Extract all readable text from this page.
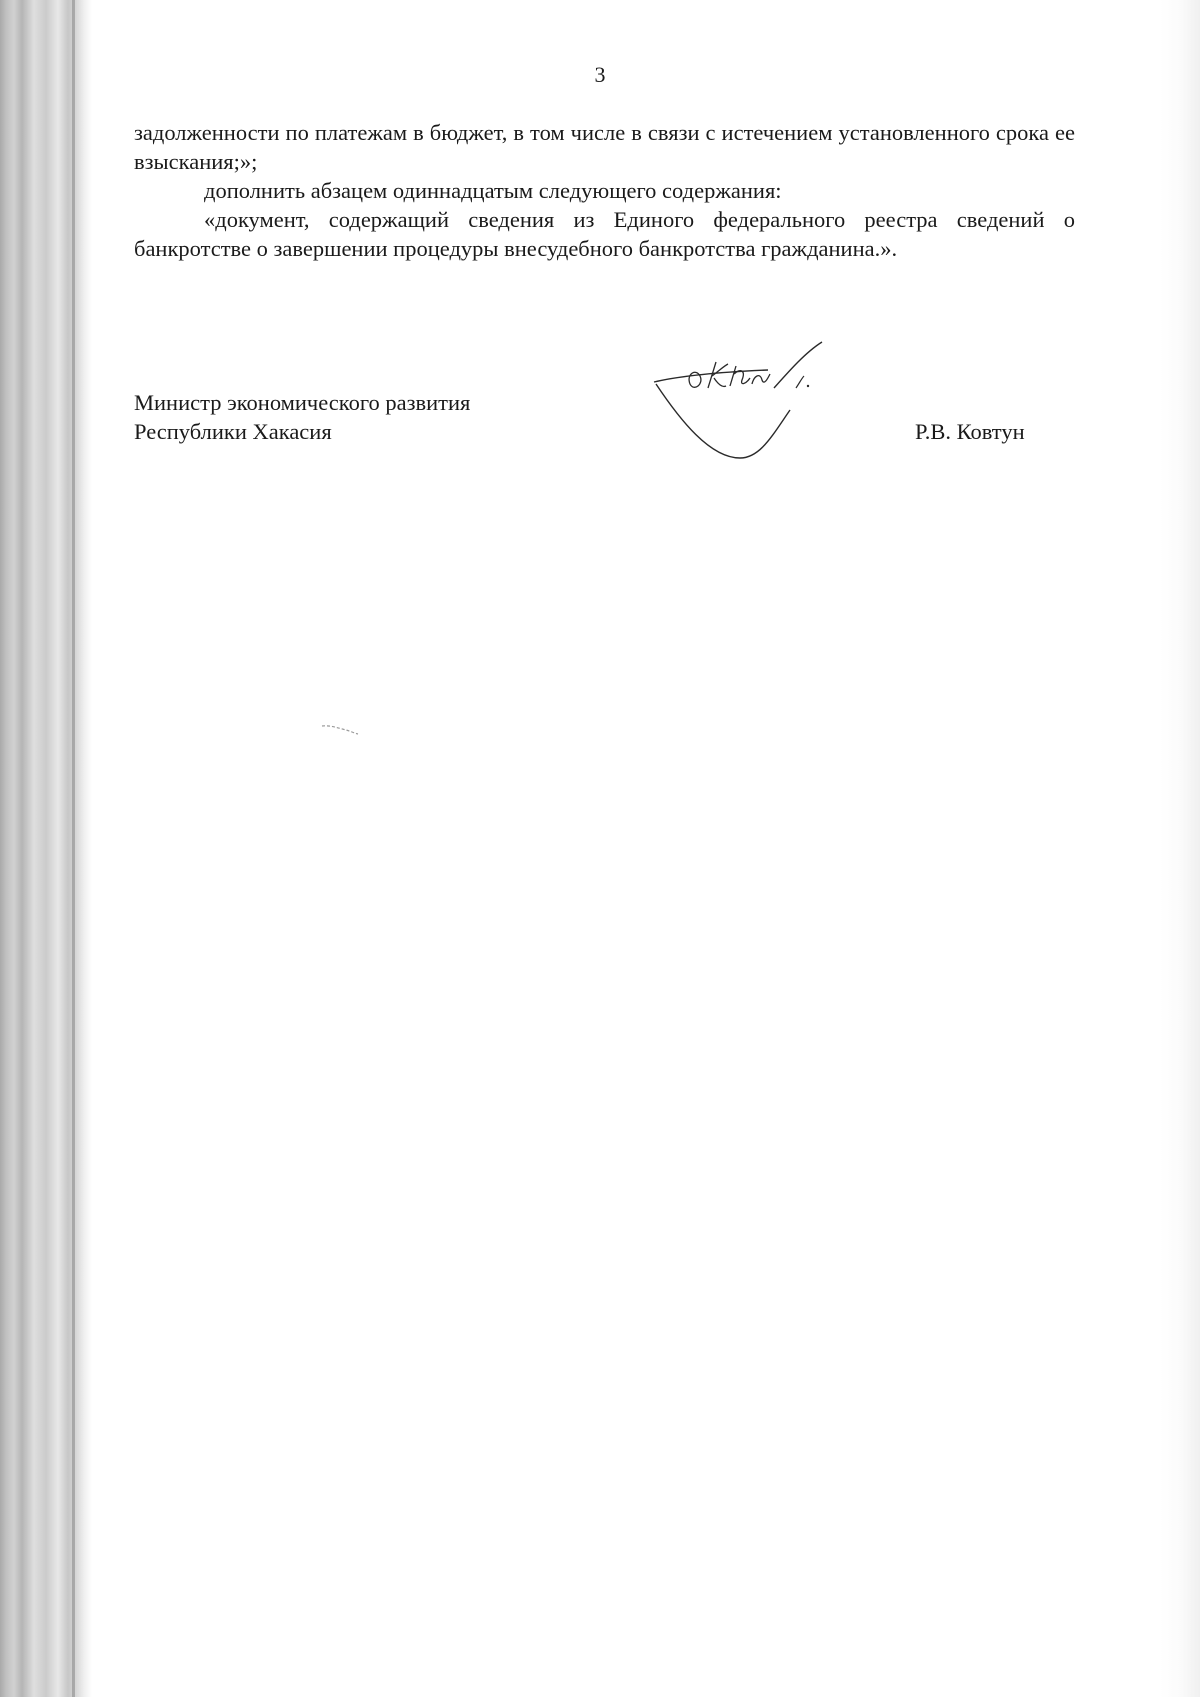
3

задолженности по платежам в бюджет, в том числе в связи с истечением установленного срока ее взыскания;»;

дополнить абзацем одиннадцатым следующего содержания:

«документ, содержащий сведения из Единого федерального реестра сведений о банкротстве о завершении процедуры внесудебного банкротства гражданина.».

Министр экономического развития
Республики Хакасия	Р.В. Ковтун
